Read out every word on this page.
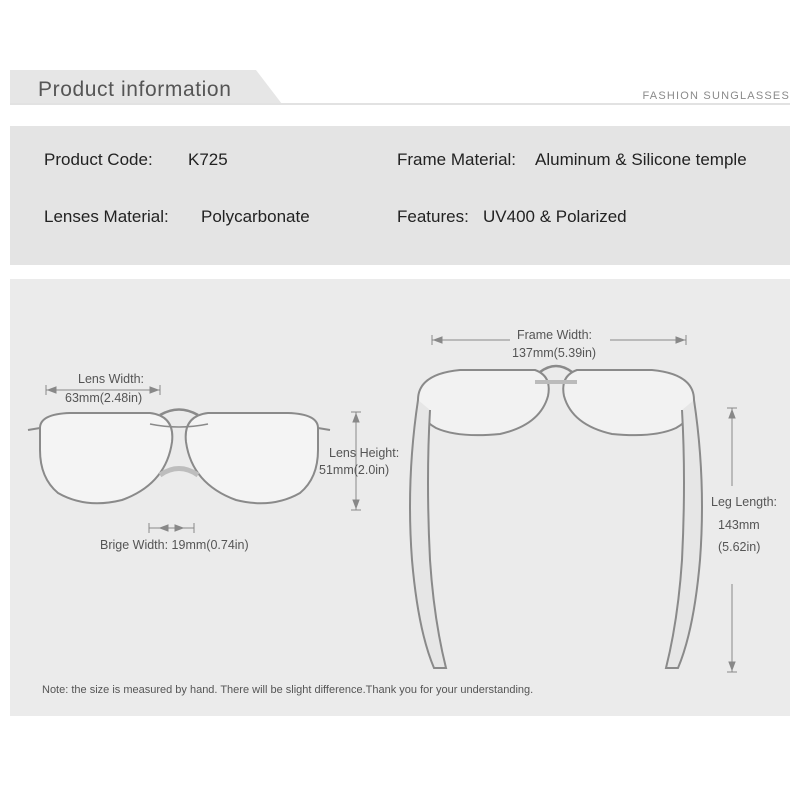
Product information	FASHION SUNGLASSES
Product Code: K725
Lenses Material: Polycarbonate
Frame Material: Aluminum & Silicone temple
Features: UV400 & Polarized
Lens Width:
63mm(2.48in)
Lens Height:
51mm(2.0in)
Brige Width: 19mm(0.74in)
Frame Width:
137mm(5.39in)
Leg Length:
143mm
(5.62in)
Note: the size is measured by hand. There will be slight difference.Thank you for your understanding.
